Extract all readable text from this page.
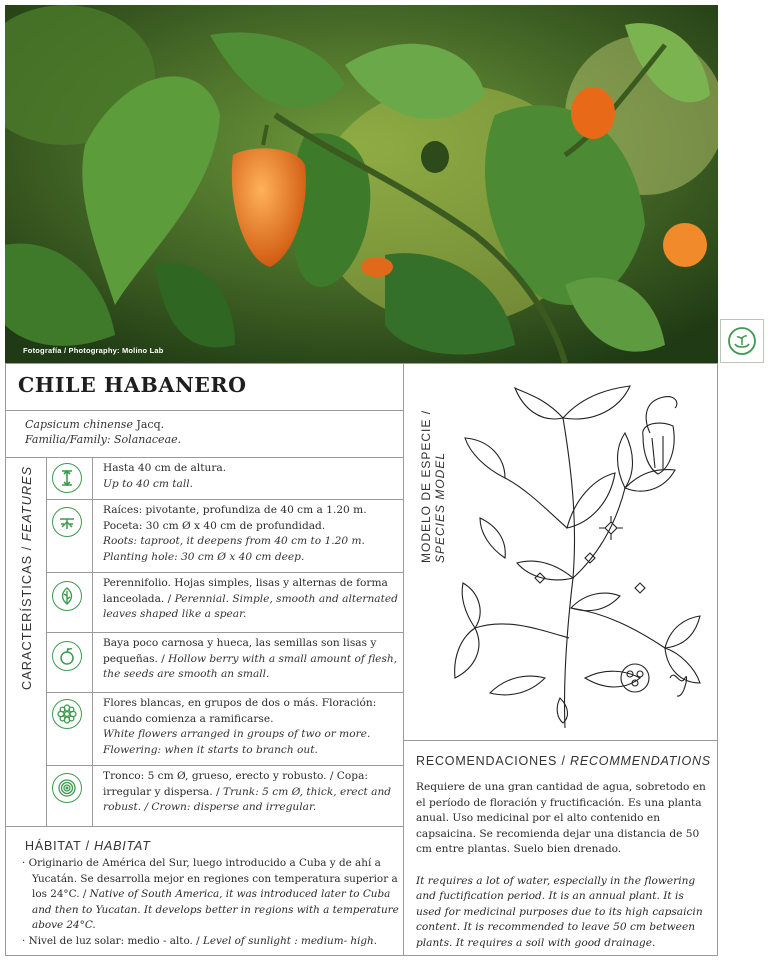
Fotografía / Photography: Molino Lab
CHILE HABANERO
Capsicum chinense Jacq.
Familia/Family: Solanaceae.
CARACTERÍSTICAS / FEATURES	Hasta 40 cm de altura.
Up to 40 cm tall.
Raíces: pivotante, profundiza de 40 cm a 1.20 m. Poceta: 30 cm Ø x 40 cm de profundidad.
Roots: taproot, it deepens from 40 cm to 1.20 m. Planting hole: 30 cm Ø x 40 cm deep.
Perennifolio. Hojas simples, lisas y alternas de forma lanceolada. / Perennial. Simple, smooth and alternated leaves shaped like a spear.
Baya poco carnosa y hueca, las semillas son lisas y pequeñas. / Hollow berry with a small amount of flesh, the seeds are smooth an small.
Flores blancas, en grupos de dos o más. Floración: cuando comienza a ramificarse.
White flowers arranged in groups of two or more. Flowering: when it starts to branch out.
Tronco: 5 cm Ø, grueso, erecto y robusto. / Copa: irregular y dispersa. / Trunk: 5 cm Ø, thick, erect and robust. / Crown: disperse and irregular.
HÁBITAT / HABITAT
· Originario de América del Sur, luego introducido a Cuba y de ahí a Yucatán. Se desarrolla mejor en regiones con temperatura superior a los 24°C. / Native of South America, it was introduced later to Cuba and then to Yucatan. It develops better in regions with a temperature above 24°C.
· Nivel de luz solar: medio - alto. / Level of sunlight : medium- high.
MODELO DE ESPECIE / SPECIES MODEL
RECOMENDACIONES / RECOMMENDATIONS

Requiere de una gran cantidad de agua, sobretodo en el período de floración y fructificación. Es una planta anual. Uso medicinal por el alto contenido en capsaicina. Se recomienda dejar una distancia de 50 cm entre plantas. Suelo bien drenado.

It requires a lot of water, especially in the flowering and fuctification period. It is an annual plant. It is used for medicinal purposes due to its high capsaicin content. It is recommended to leave 50 cm between plants. It requires a soil with good drainage.
